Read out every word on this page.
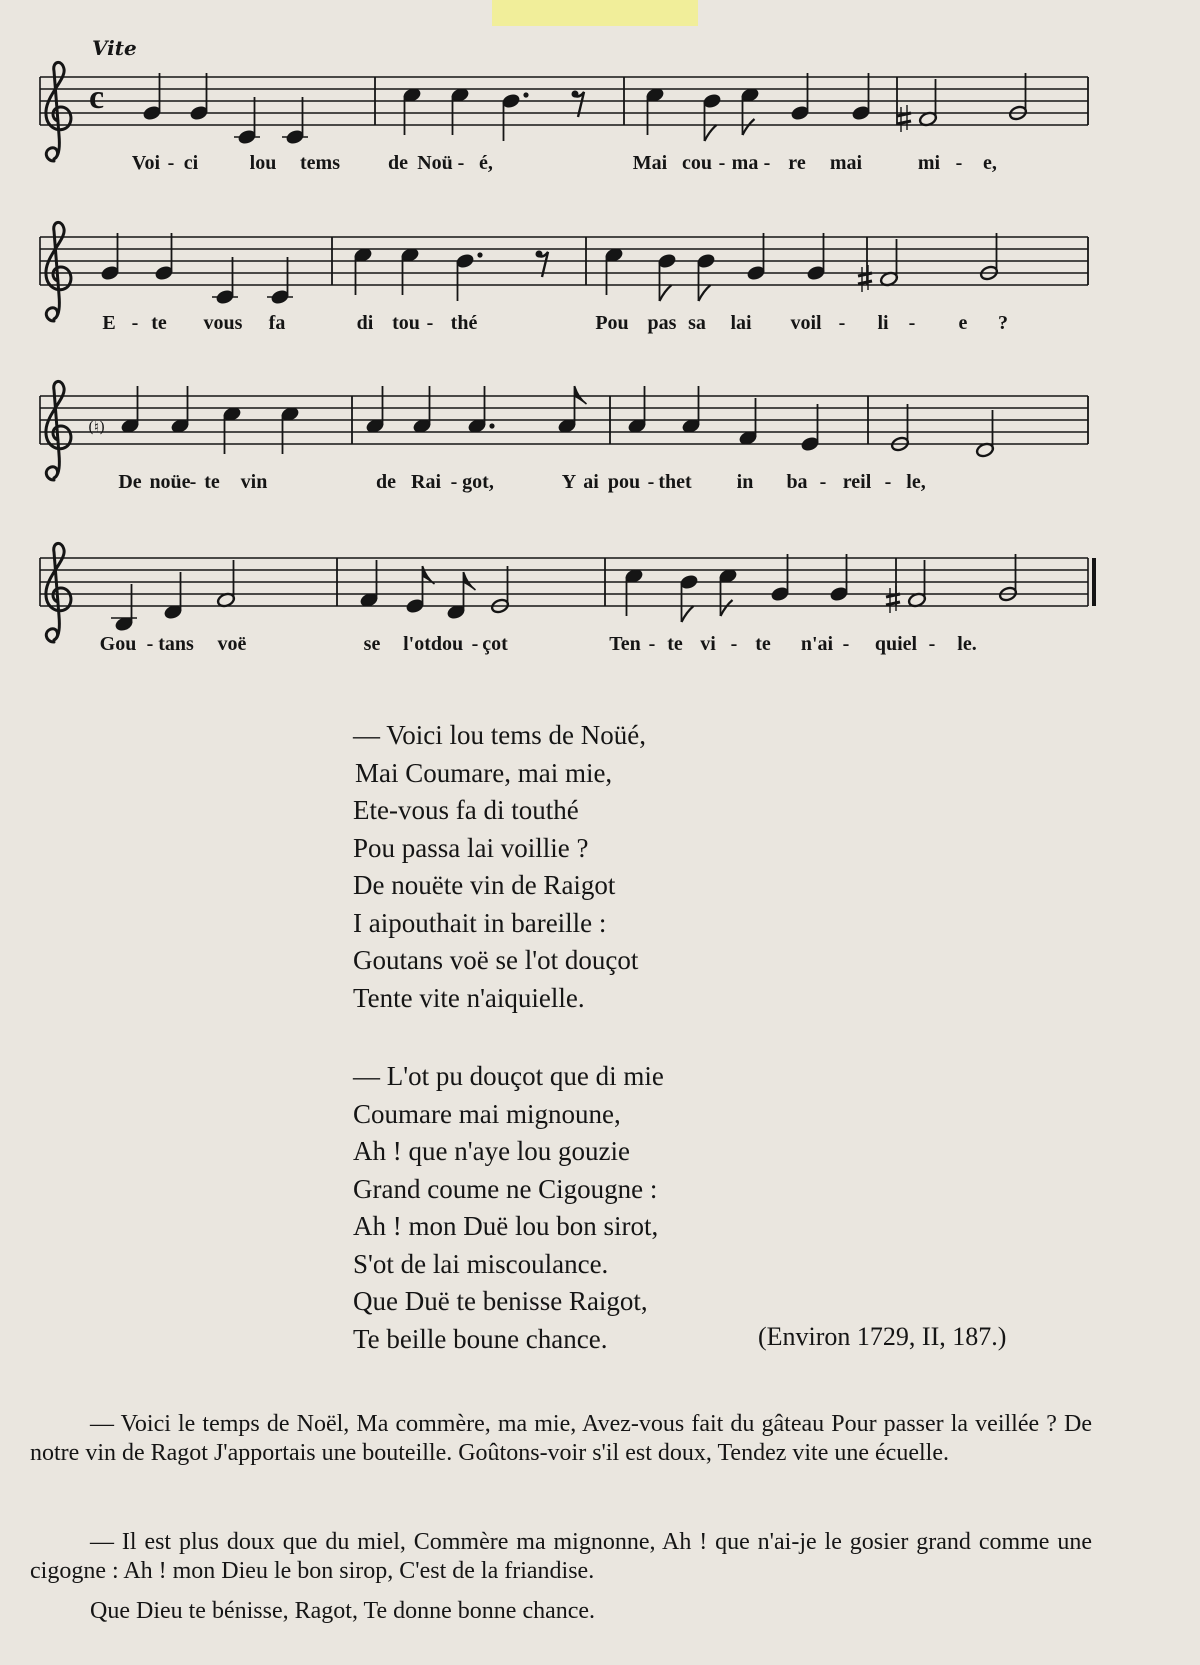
Vite
c
Voi - ci	lou tems de Noü - é,	Mai cou - ma - re mai	mi - e,
E - te vous fa	di tou - thé	Pou pas sa lai voil - li - e ?
(♮)
De noüe - te vin	de Rai - got,	Y ai pou - thet in ba - reil - le,
Gou - tans voë	se l'ot dou - çot	Ten - te vi - te n'ai - quiel - le.
— Voici lou tems de Noüé,
Mai Coumare, mai mie,
Ete-vous fa di touthé
Pou passa lai voillie ?
De nouëte vin de Raigot
I aipouthait in bareille :
Goutans voë se l'ot douçot
Tente vite n'aiquielle.
— L'ot pu douçot que di mie
Coumare mai mignoune,
Ah ! que n'aye lou gouzie
Grand coume ne Cigougne :
Ah ! mon Duë lou bon sirot,
S'ot de lai miscoulance.
Que Duë te benisse Raigot,
Te beille boune chance.	(Environ 1729, II, 187.)

— Voici le temps de Noël, Ma commère, ma mie, Avez-vous fait du gâteau Pour passer la veillée ? De notre vin de Ragot J'apportais une bouteille. Goûtons-voir s'il est doux, Tendez vite une écuelle.

— Il est plus doux que du miel, Commère ma mignonne, Ah ! que n'ai-je le gosier grand comme une cigogne : Ah ! mon Dieu le bon sirop, C'est de la friandise.

Que Dieu te bénisse, Ragot, Te donne bonne chance.
